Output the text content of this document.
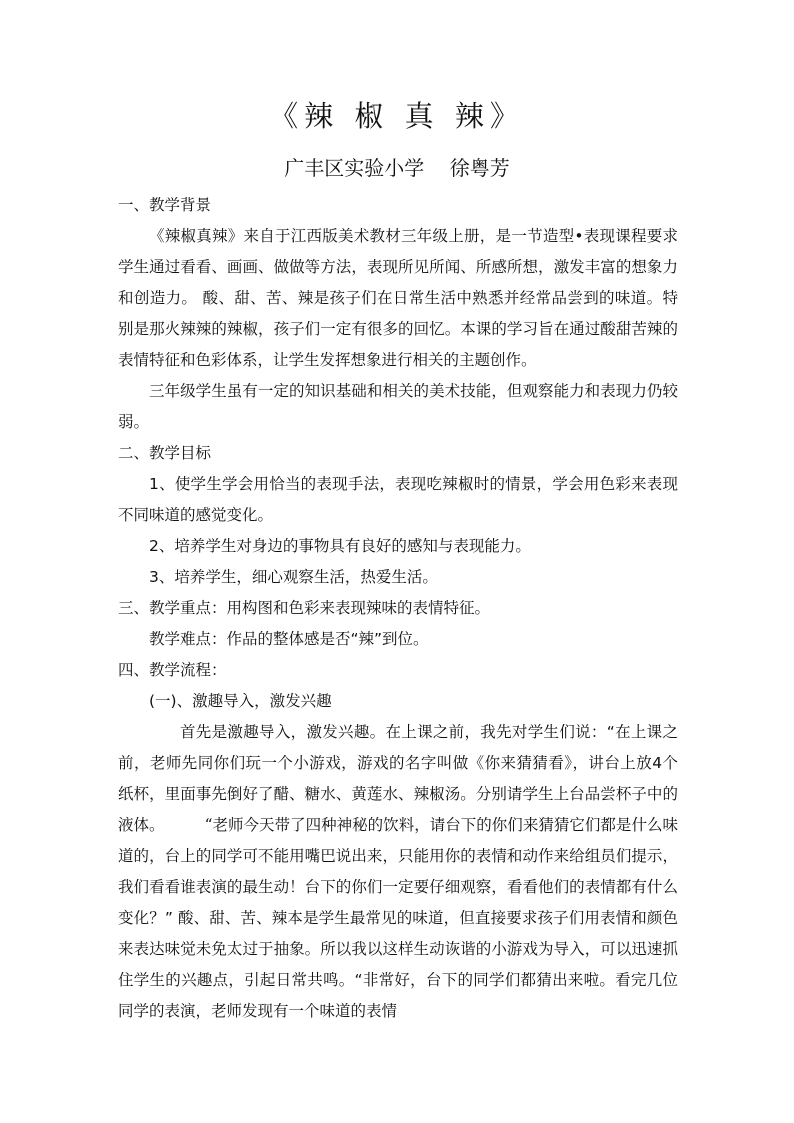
《辣 椒 真 辣》
广丰区实验小学    徐粤芳

一、教学背景

《辣椒真辣》来自于江西版美术教材三年级上册，是一节造型•表现课程要求学生通过看看、画画、做做等方法，表现所见所闻、所感所想，激发丰富的想象力和创造力。 酸、甜、苦、辣是孩子们在日常生活中熟悉并经常品尝到的味道。特别是那火辣辣的辣椒，孩子们一定有很多的回忆。本课的学习旨在通过酸甜苦辣的表情特征和色彩体系，让学生发挥想象进行相关的主题创作。

三年级学生虽有一定的知识基础和相关的美术技能，但观察能力和表现力仍较弱。

二、教学目标

1、使学生学会用恰当的表现手法，表现吃辣椒时的情景，学会用色彩来表现不同味道的感觉变化。

2、培养学生对身边的事物具有良好的感知与表现能力。

3、培养学生，细心观察生活，热爱生活。

三、教学重点：用构图和色彩来表现辣味的表情特征。

教学难点：作品的整体感是否“辣”到位。

四、教学流程：

(一)、激趣导入，激发兴趣

首先是激趣导入，激发兴趣。在上课之前，我先对学生们说：“在上课之前，老师先同你们玩一个小游戏，游戏的名字叫做《你来猜猜看》，讲台上放4个纸杯，里面事先倒好了醋、糖水、黄莲水、辣椒汤。分别请学生上台品尝杯子中的液体。	“老师今天带了四种神秘的饮料，请台下的你们来猜猜它们都是什么味道的，台上的同学可不能用嘴巴说出来，只能用你的表情和动作来给组员们提示，我们看看谁表演的最生动！台下的你们一定要仔细观察，看看他们的表情都有什么变化？” 酸、甜、苦、辣本是学生最常见的味道，但直接要求孩子们用表情和颜色来表达味觉未免太过于抽象。所以我以这样生动诙谐的小游戏为导入，可以迅速抓住学生的兴趣点，引起日常共鸣。“非常好，台下的同学们都猜出来啦。看完几位同学的表演，老师发现有一个味道的表情
